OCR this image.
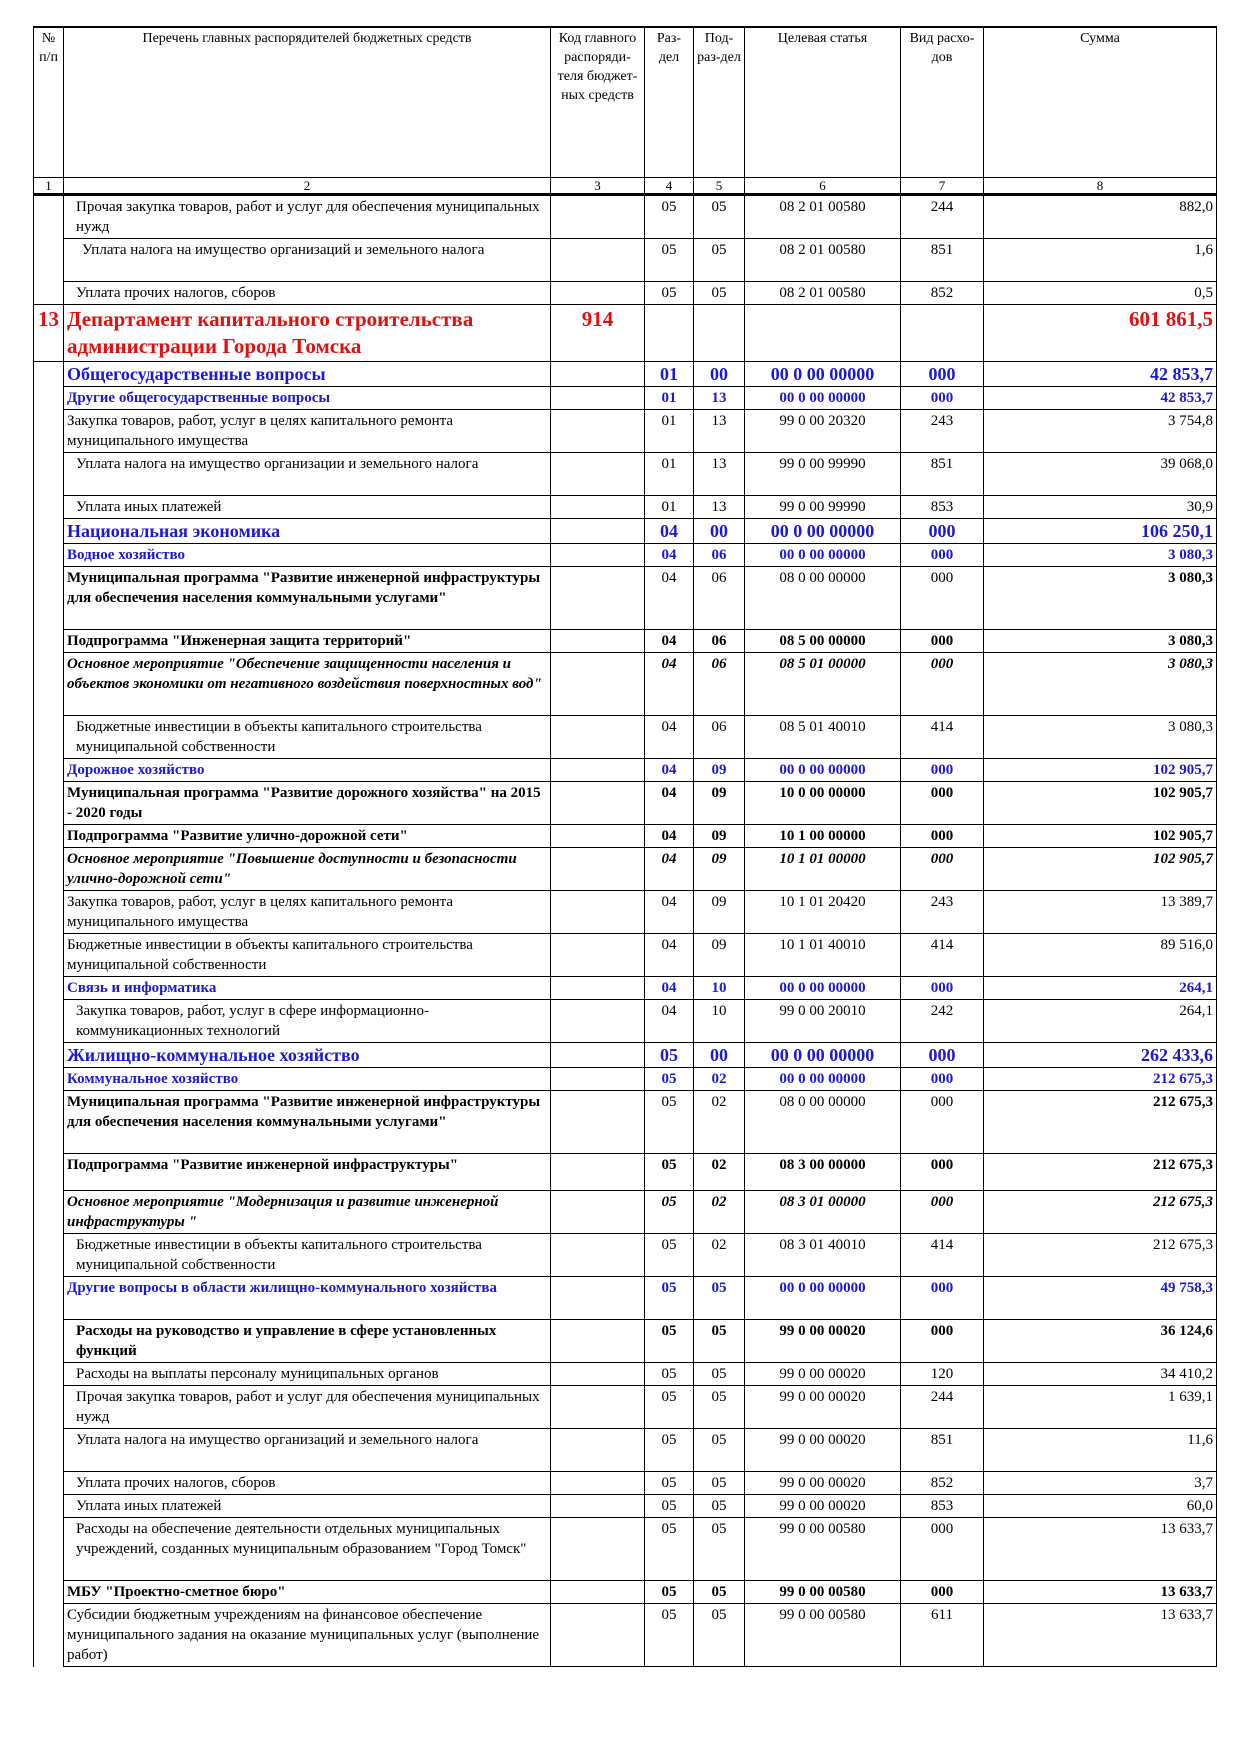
№ п/п	Перечень главных распорядителей бюджетных средств	Код главного распоряди-теля бюджет-ных средств	Раз-дел	Под-раз-дел	Целевая статья	Вид расхо-дов	Сумма
1	2	3	4	5	6	7	8
	Прочая закупка товаров, работ и услуг для обеспечения муниципальных нужд		05	05	08 2 01 00580	244	882,0
	Уплата налога на имущество организаций и земельного налога		05	05	08 2 01 00580	851	1,6
	Уплата прочих налогов, сборов		05	05	08 2 01 00580	852	0,5
13	Департамент капитального строительства администрации Города Томска	914					601 861,5
	Общегосударственные вопросы		01	00	00 0 00 00000	000	42 853,7
	Другие общегосударственные вопросы		01	13	00 0 00 00000	000	42 853,7
	Закупка товаров, работ, услуг в целях капитального ремонта муниципального имущества		01	13	99 0 00 20320	243	3 754,8
	Уплата налога на имущество организации и земельного налога		01	13	99 0 00 99990	851	39 068,0
	Уплата иных платежей		01	13	99 0 00 99990	853	30,9
	Национальная экономика		04	00	00 0 00 00000	000	106 250,1
	Водное хозяйство		04	06	00 0 00 00000	000	3 080,3
	Муниципальная программа "Развитие инженерной инфраструктуры для обеспечения населения коммунальными услугами"		04	06	08 0 00 00000	000	3 080,3
	Подпрограмма "Инженерная защита территорий"		04	06	08 5 00 00000	000	3 080,3
	Основное мероприятие "Обеспечение защищенности населения и объектов экономики от негативного воздействия поверхностных вод"		04	06	08 5 01 00000	000	3 080,3
	Бюджетные инвестиции в объекты капитального строительства муниципальной собственности		04	06	08 5 01 40010	414	3 080,3
	Дорожное хозяйство		04	09	00 0 00 00000	000	102 905,7
	Муниципальная программа "Развитие дорожного хозяйства" на 2015 - 2020 годы		04	09	10 0 00 00000	000	102 905,7
	Подпрограмма "Развитие улично-дорожной сети"		04	09	10 1 00 00000	000	102 905,7
	Основное мероприятие "Повышение доступности и безопасности улично-дорожной сети"		04	09	10 1 01 00000	000	102 905,7
	Закупка товаров, работ, услуг в целях капитального ремонта муниципального имущества		04	09	10 1 01 20420	243	13 389,7
	Бюджетные инвестиции в объекты капитального строительства муниципальной собственности		04	09	10 1 01 40010	414	89 516,0
	Связь и информатика		04	10	00 0 00 00000	000	264,1
	Закупка товаров, работ, услуг в сфере информационно-коммуникационных технологий		04	10	99 0 00 20010	242	264,1
	Жилищно-коммунальное хозяйство		05	00	00 0 00 00000	000	262 433,6
	Коммунальное хозяйство		05	02	00 0 00 00000	000	212 675,3
	Муниципальная программа "Развитие инженерной инфраструктуры для обеспечения населения коммунальными услугами"		05	02	08 0 00 00000	000	212 675,3
	Подпрограмма "Развитие инженерной инфраструктуры"		05	02	08 3 00 00000	000	212 675,3
	Основное мероприятие "Модернизация и развитие инженерной инфраструктуры "		05	02	08 3 01 00000	000	212 675,3
	Бюджетные инвестиции в объекты капитального строительства муниципальной собственности		05	02	08 3 01 40010	414	212 675,3
	Другие вопросы в области жилищно-коммунального хозяйства		05	05	00 0 00 00000	000	49 758,3
	Расходы на руководство и управление в сфере установленных функций		05	05	99 0 00 00020	000	36 124,6
	Расходы на выплаты персоналу муниципальных органов		05	05	99 0 00 00020	120	34 410,2
	Прочая закупка товаров, работ и услуг для обеспечения муниципальных нужд		05	05	99 0 00 00020	244	1 639,1
	Уплата налога на имущество организаций и земельного налога		05	05	99 0 00 00020	851	11,6
	Уплата прочих налогов, сборов		05	05	99 0 00 00020	852	3,7
	Уплата иных платежей		05	05	99 0 00 00020	853	60,0
	Расходы на обеспечение деятельности отдельных муниципальных учреждений, созданных муниципальным образованием "Город Томск"		05	05	99 0 00 00580	000	13 633,7
	МБУ "Проектно-сметное бюро"		05	05	99 0 00 00580	000	13 633,7
	Субсидии бюджетным учреждениям на финансовое обеспечение муниципального задания на оказание муниципальных услуг (выполнение работ)		05	05	99 0 00 00580	611	13 633,7
